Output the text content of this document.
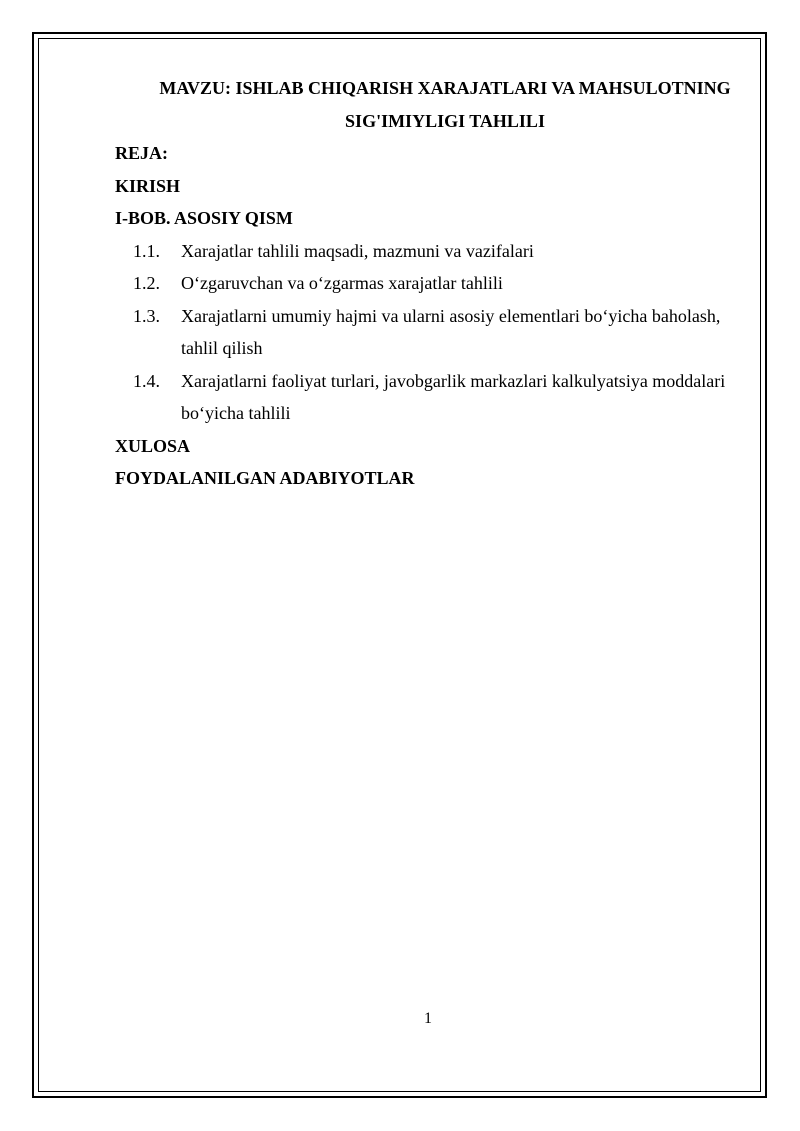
MAVZU: ISHLAB CHIQARISH XARAJATLARI VA MAHSULOTNING SIG'IMIYLIGI TAHLILI
REJA:
KIRISH
I-BOB. ASOSIY QISM
1.1.	Xarajatlar tahlili maqsadi, mazmuni va vazifalari
1.2.	O‘zgaruvchan va o‘zgarmas xarajatlar tahlili
1.3.	Xarajatlarni umumiy hajmi va ularni asosiy elementlari bo‘yicha baholash, tahlil qilish
1.4.	Xarajatlarni faoliyat turlari, javobgarlik markazlari kalkulyatsiya moddalari bo‘yicha tahlili
XULOSA
FOYDALANILGAN ADABIYOTLAR
1
